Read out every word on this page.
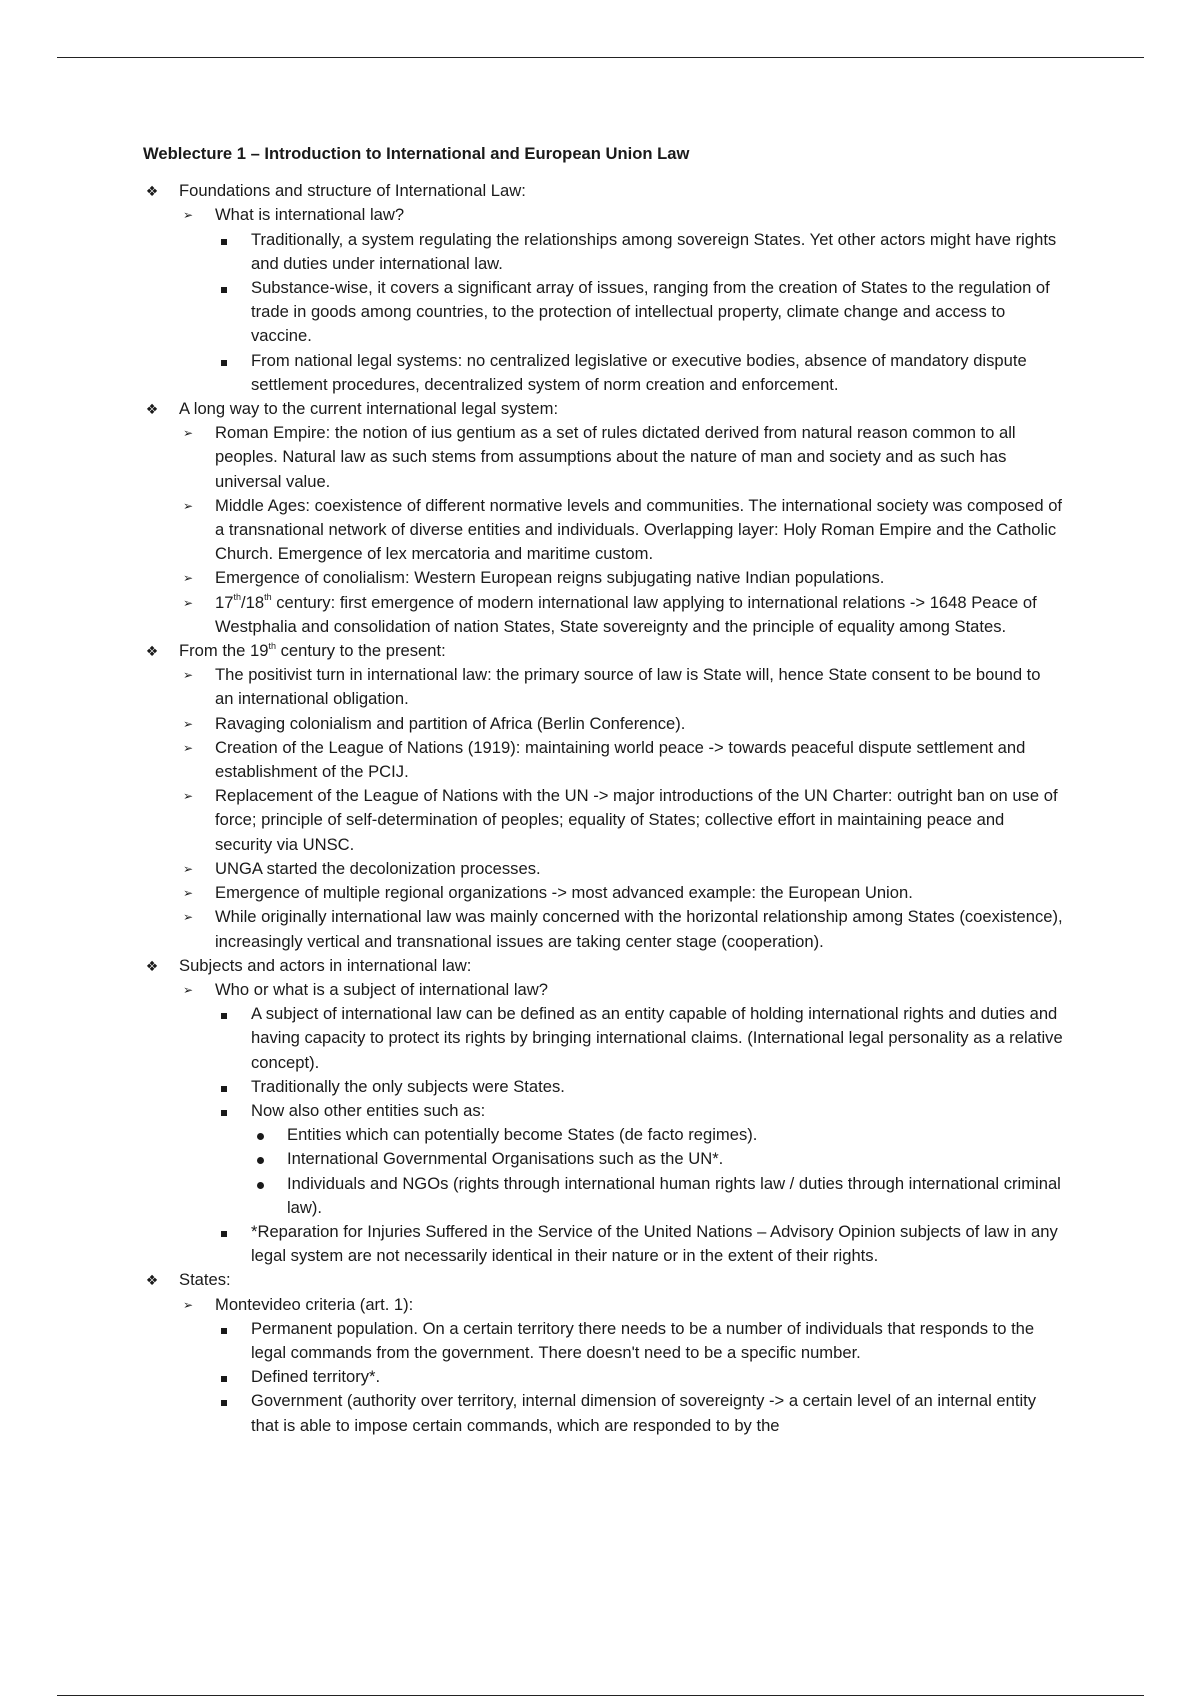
Weblecture 1 – Introduction to International and European Union Law
❖ Foundations and structure of International Law:
➢ What is international law?
Traditionally, a system regulating the relationships among sovereign States. Yet other actors might have rights and duties under international law.
Substance-wise, it covers a significant array of issues, ranging from the creation of States to the regulation of trade in goods among countries, to the protection of intellectual property, climate change and access to vaccine.
From national legal systems: no centralized legislative or executive bodies, absence of mandatory dispute settlement procedures, decentralized system of norm creation and enforcement.
❖ A long way to the current international legal system:
➢ Roman Empire: the notion of ius gentium as a set of rules dictated derived from natural reason common to all peoples. Natural law as such stems from assumptions about the nature of man and society and as such has universal value.
➢ Middle Ages: coexistence of different normative levels and communities. The international society was composed of a transnational network of diverse entities and individuals. Overlapping layer: Holy Roman Empire and the Catholic Church. Emergence of lex mercatoria and maritime custom.
➢ Emergence of conolialism: Western European reigns subjugating native Indian populations.
➢ 17th/18th century: first emergence of modern international law applying to international relations -> 1648 Peace of Westphalia and consolidation of nation States, State sovereignty and the principle of equality among States.
❖ From the 19th century to the present:
➢ The positivist turn in international law: the primary source of law is State will, hence State consent to be bound to an international obligation.
➢ Ravaging colonialism and partition of Africa (Berlin Conference).
➢ Creation of the League of Nations (1919): maintaining world peace -> towards peaceful dispute settlement and establishment of the PCIJ.
➢ Replacement of the League of Nations with the UN -> major introductions of the UN Charter: outright ban on use of force; principle of self-determination of peoples; equality of States; collective effort in maintaining peace and security via UNSC.
➢ UNGA started the decolonization processes.
➢ Emergence of multiple regional organizations -> most advanced example: the European Union.
➢ While originally international law was mainly concerned with the horizontal relationship among States (coexistence), increasingly vertical and transnational issues are taking center stage (cooperation).
❖ Subjects and actors in international law:
➢ Who or what is a subject of international law?
A subject of international law can be defined as an entity capable of holding international rights and duties and having capacity to protect its rights by bringing international claims. (International legal personality as a relative concept).
Traditionally the only subjects were States.
Now also other entities such as:
Entities which can potentially become States (de facto regimes).
International Governmental Organisations such as the UN*.
Individuals and NGOs (rights through international human rights law / duties through international criminal law).
*Reparation for Injuries Suffered in the Service of the United Nations – Advisory Opinion subjects of law in any legal system are not necessarily identical in their nature or in the extent of their rights.
❖ States:
➢ Montevideo criteria (art. 1):
Permanent population. On a certain territory there needs to be a number of individuals that responds to the legal commands from the government. There doesn't need to be a specific number.
Defined territory*.
Government (authority over territory, internal dimension of sovereignty -> a certain level of an internal entity that is able to impose certain commands, which are responded to by the
